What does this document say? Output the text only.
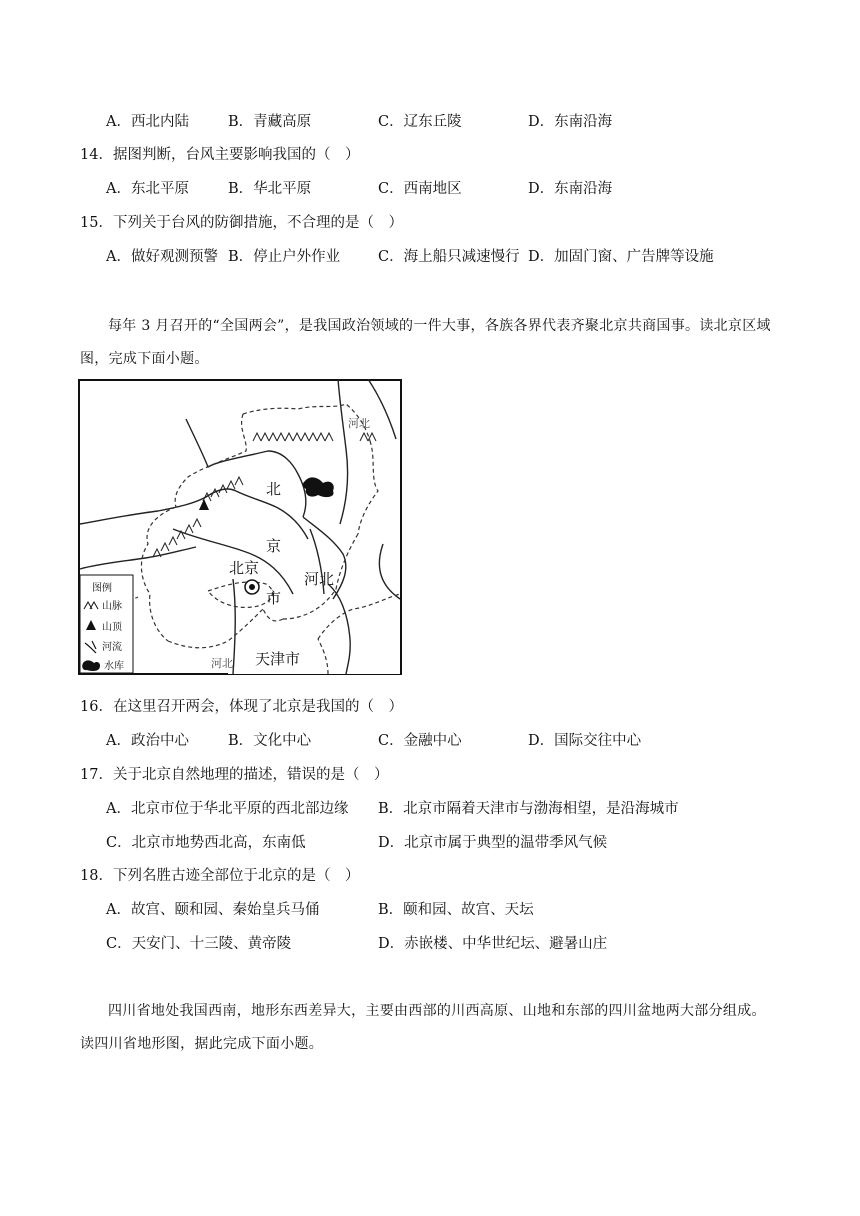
A．西北内陆	B．青藏高原	C．辽东丘陵	D．东南沿海
14．据图判断，台风主要影响我国的（　）
A．东北平原	B．华北平原	C．西南地区	D．东南沿海
15．下列关于台风的防御措施，不合理的是（　）
A．做好观测预警 B．停止户外作业	C．海上船只减速慢行 D．加固门窗、广告牌等设施

每年 3 月召开的“全国两会”，是我国政治领域的一件大事，各族各界代表齐聚北京共商国事。读北京区域图，完成下面小题。

河北
北
京
北京
市
河北
河北 天津市
图例
山脉
山顶
河流
水库
16．在这里召开两会，体现了北京是我国的（　）
A．政治中心	B．文化中心	C．金融中心	D．国际交往中心
17．关于北京自然地理的描述，错误的是（　）
A．北京市位于华北平原的西北部边缘 B．北京市隔着天津市与渤海相望，是沿海城市
C．北京市地势西北高，东南低	D．北京市属于典型的温带季风气候
18．下列名胜古迹全部位于北京的是（　）
A．故宫、颐和园、秦始皇兵马俑	B．颐和园、故宫、天坛
C．天安门、十三陵、黄帝陵	D．赤嵌楼、中华世纪坛、避暑山庄

四川省地处我国西南，地形东西差异大，主要由西部的川西高原、山地和东部的四川盆地两大部分组成。读四川省地形图，据此完成下面小题。
